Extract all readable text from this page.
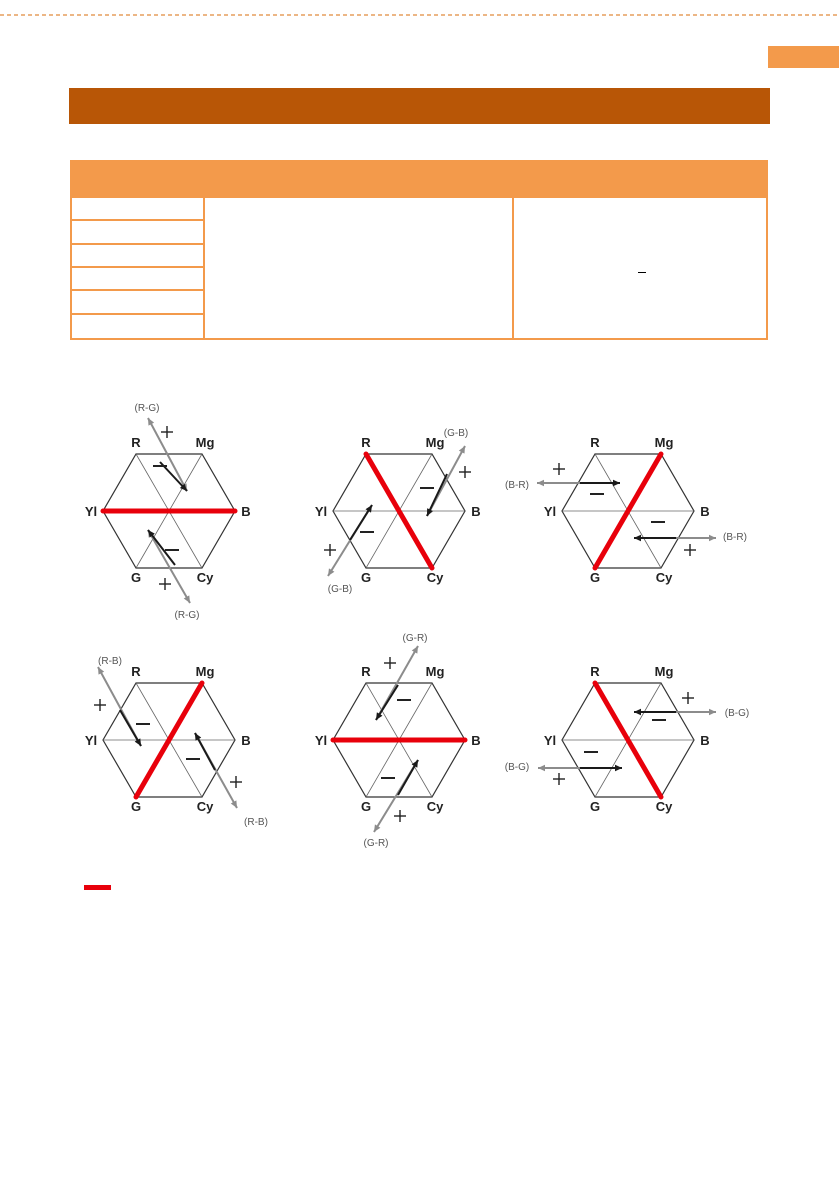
R	Mg
B
Cy
G
Yl
(R-G)
(R-G)
R	Mg
B
Cy
G
Yl
(G-B)
(G-B)
R	Mg
B
Cy
G
Yl
(B-R)
(B-R)
R	Mg
B
Cy
G
Yl
(R-B)
(R-B)
R	Mg
B
Cy
G
Yl
(G-R)
(G-R)
R	Mg
B
Cy
G
Yl
(B-G)
(B-G)
